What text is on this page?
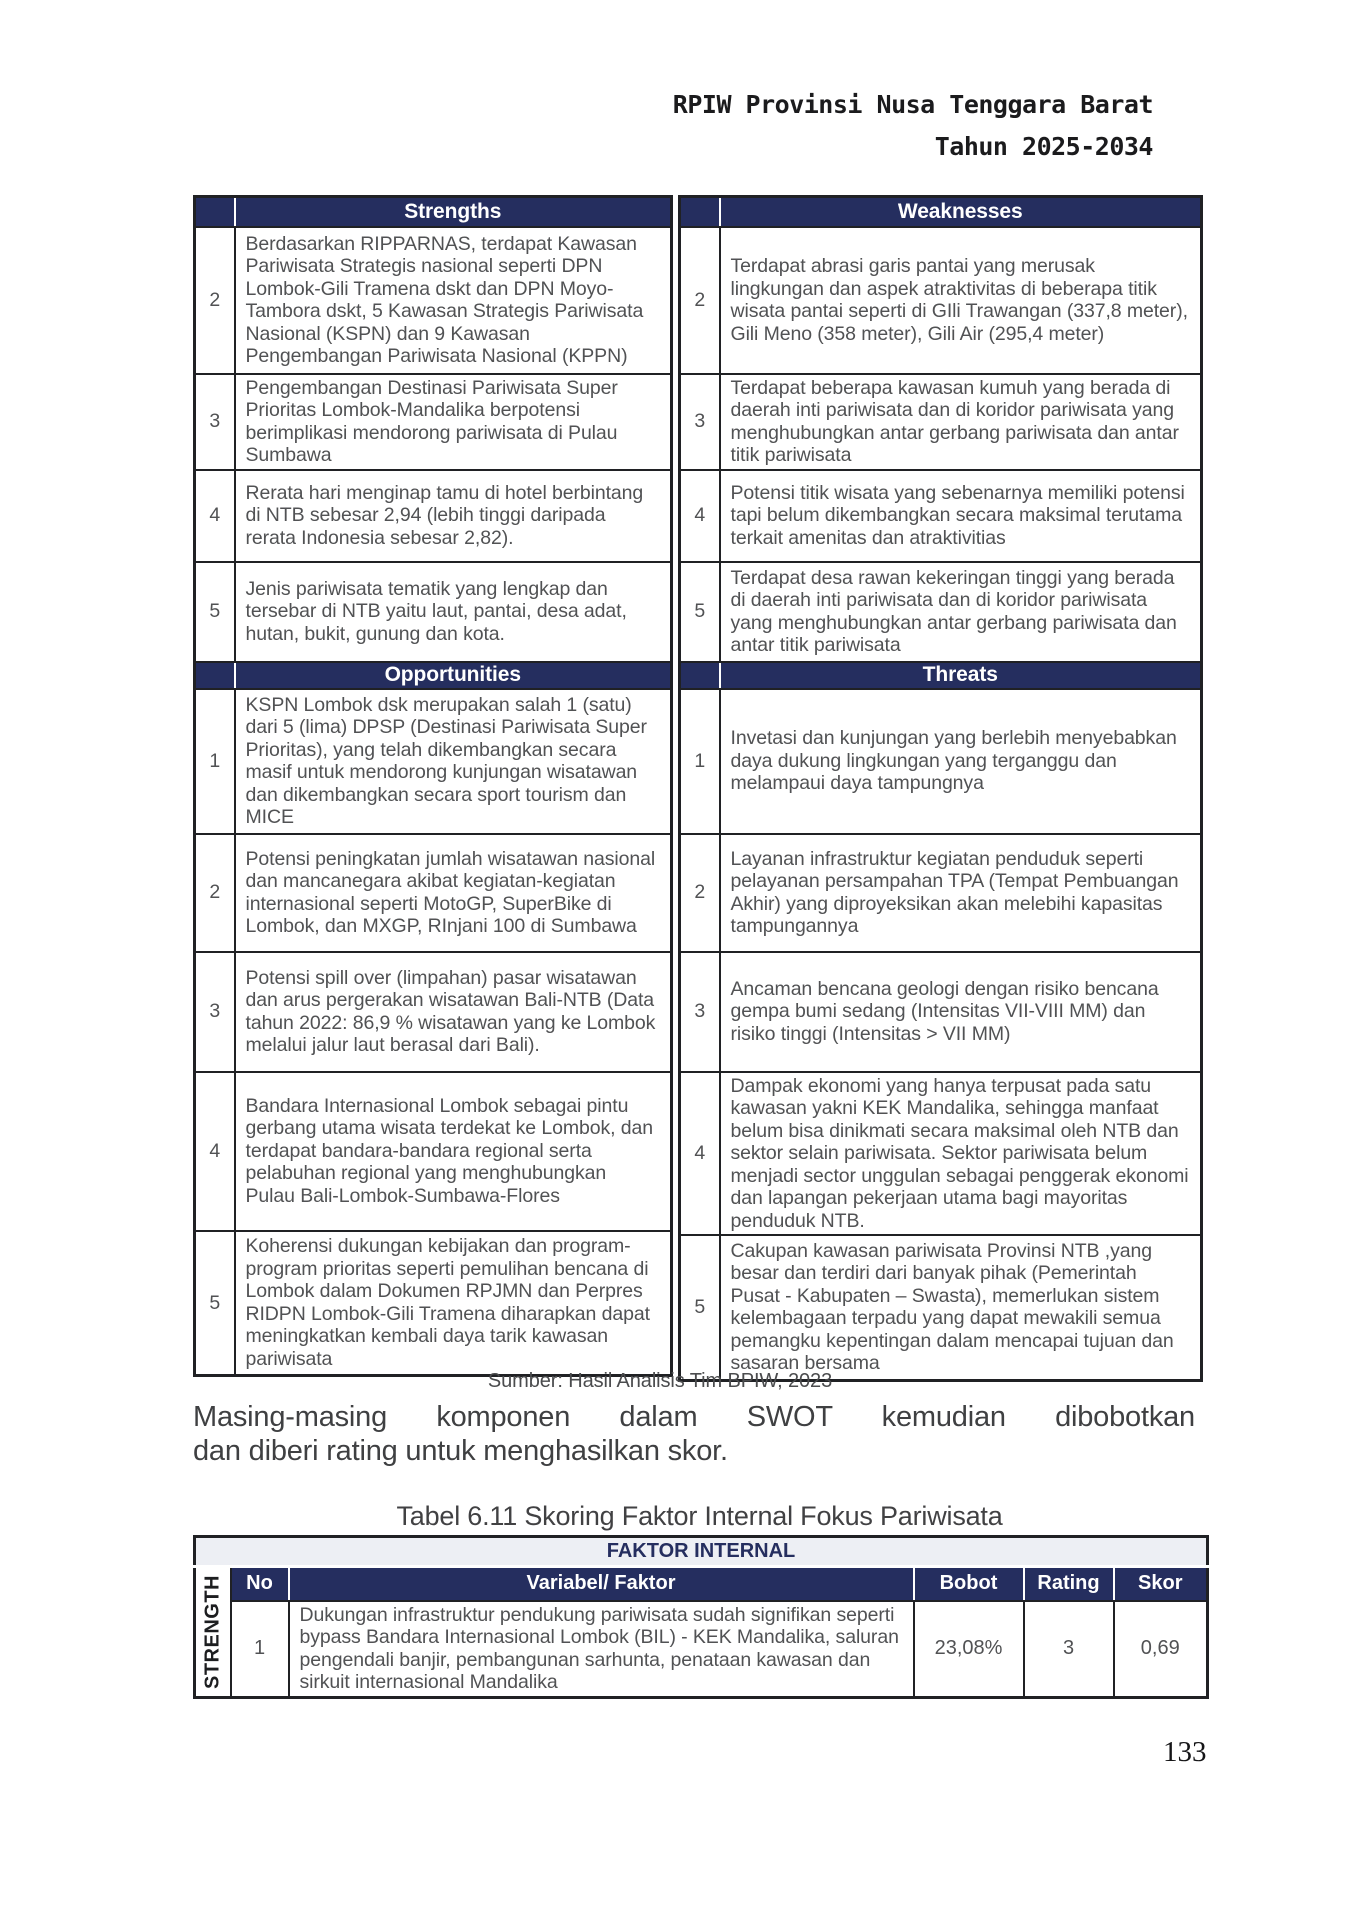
RPIW Provinsi Nusa Tenggara Barat
Tahun 2025-2034
	Strengths
2	Berdasarkan RIPPARNAS, terdapat Kawasan Pariwisata Strategis nasional seperti DPN Lombok-Gili Tramena dskt dan DPN Moyo-Tambora dskt, 5 Kawasan Strategis Pariwisata Nasional (KSPN) dan 9 Kawasan Pengembangan Pariwisata Nasional (KPPN)
3	Pengembangan Destinasi Pariwisata Super Prioritas Lombok-Mandalika berpotensi berimplikasi mendorong pariwisata di Pulau Sumbawa
4	Rerata hari menginap tamu di hotel berbintang di NTB sebesar 2,94 (lebih tinggi daripada rerata Indonesia sebesar 2,82).
5	Jenis pariwisata tematik yang lengkap dan tersebar di NTB yaitu laut, pantai, desa adat, hutan, bukit, gunung dan kota.
	Opportunities
1	KSPN Lombok dsk merupakan salah 1 (satu) dari 5 (lima) DPSP (Destinasi Pariwisata Super Prioritas), yang telah dikembangkan secara masif untuk mendorong kunjungan wisatawan dan dikembangkan secara sport tourism dan MICE
2	Potensi peningkatan jumlah wisatawan nasional dan mancanegara akibat kegiatan-kegiatan internasional seperti MotoGP, SuperBike di Lombok, dan MXGP, RInjani 100 di Sumbawa
3	Potensi spill over (limpahan) pasar wisatawan dan arus pergerakan wisatawan Bali-NTB (Data tahun 2022: 86,9 % wisatawan yang ke Lombok melalui jalur laut berasal dari Bali).
4	Bandara Internasional Lombok sebagai pintu gerbang utama wisata terdekat ke Lombok, dan terdapat bandara-bandara regional serta pelabuhan regional yang menghubungkan Pulau Bali-Lombok-Sumbawa-Flores
5	Koherensi dukungan kebijakan dan program-program prioritas seperti pemulihan bencana di Lombok dalam Dokumen RPJMN dan Perpres RIDPN Lombok-Gili Tramena diharapkan dapat meningkatkan kembali daya tarik kawasan pariwisata
	Weaknesses
2	Terdapat abrasi garis pantai yang merusak lingkungan dan aspek atraktivitas di beberapa titik wisata pantai seperti di GIli Trawangan (337,8 meter), Gili Meno (358 meter), Gili Air (295,4 meter)
3	Terdapat beberapa kawasan kumuh yang berada di daerah inti pariwisata dan di koridor pariwisata yang menghubungkan antar gerbang pariwisata dan antar titik pariwisata
4	Potensi titik wisata yang sebenarnya memiliki potensi tapi belum dikembangkan secara maksimal terutama terkait amenitas dan atraktivitias
5	Terdapat desa rawan kekeringan tinggi yang berada di daerah inti pariwisata dan di koridor pariwisata yang menghubungkan antar gerbang pariwisata dan antar titik pariwisata
	Threats
1	Invetasi dan kunjungan yang berlebih menyebabkan daya dukung lingkungan yang terganggu dan melampaui daya tampungnya
2	Layanan infrastruktur kegiatan penduduk seperti pelayanan persampahan TPA (Tempat Pembuangan Akhir) yang diproyeksikan akan melebihi kapasitas tampungannya
3	Ancaman bencana geologi dengan risiko bencana gempa bumi sedang (Intensitas VII-VIII MM) dan risiko tinggi (Intensitas > VII MM)
4	Dampak ekonomi yang hanya terpusat pada satu kawasan yakni KEK Mandalika, sehingga manfaat belum bisa dinikmati secara maksimal oleh NTB dan sektor selain pariwisata. Sektor pariwisata belum menjadi sector unggulan sebagai penggerak ekonomi dan lapangan pekerjaan utama bagi mayoritas penduduk NTB.
5	Cakupan kawasan pariwisata Provinsi NTB ,yang besar dan terdiri dari banyak pihak (Pemerintah Pusat - Kabupaten – Swasta), memerlukan sistem kelembagaan terpadu yang dapat mewakili semua pemangku kepentingan dalam mencapai tujuan dan sasaran bersama
Sumber: Hasil Analisis Tim BPIW, 2023
Masing-masing komponen dalam SWOT kemudian dibobotkan
dan diberi rating untuk menghasilkan skor.
Tabel 6.11 Skoring Faktor Internal Fokus Pariwisata
FAKTOR INTERNAL					

STRENGTH	No	Variabel/ Faktor	Bobot	Rating	Skor
	1	Dukungan infrastruktur pendukung pariwisata sudah signifikan seperti bypass Bandara Internasional Lombok (BIL) - KEK Mandalika, saluran pengendali banjir, pembangunan sarhunta, penataan kawasan dan sirkuit internasional Mandalika	23,08%	3	0,69
133
